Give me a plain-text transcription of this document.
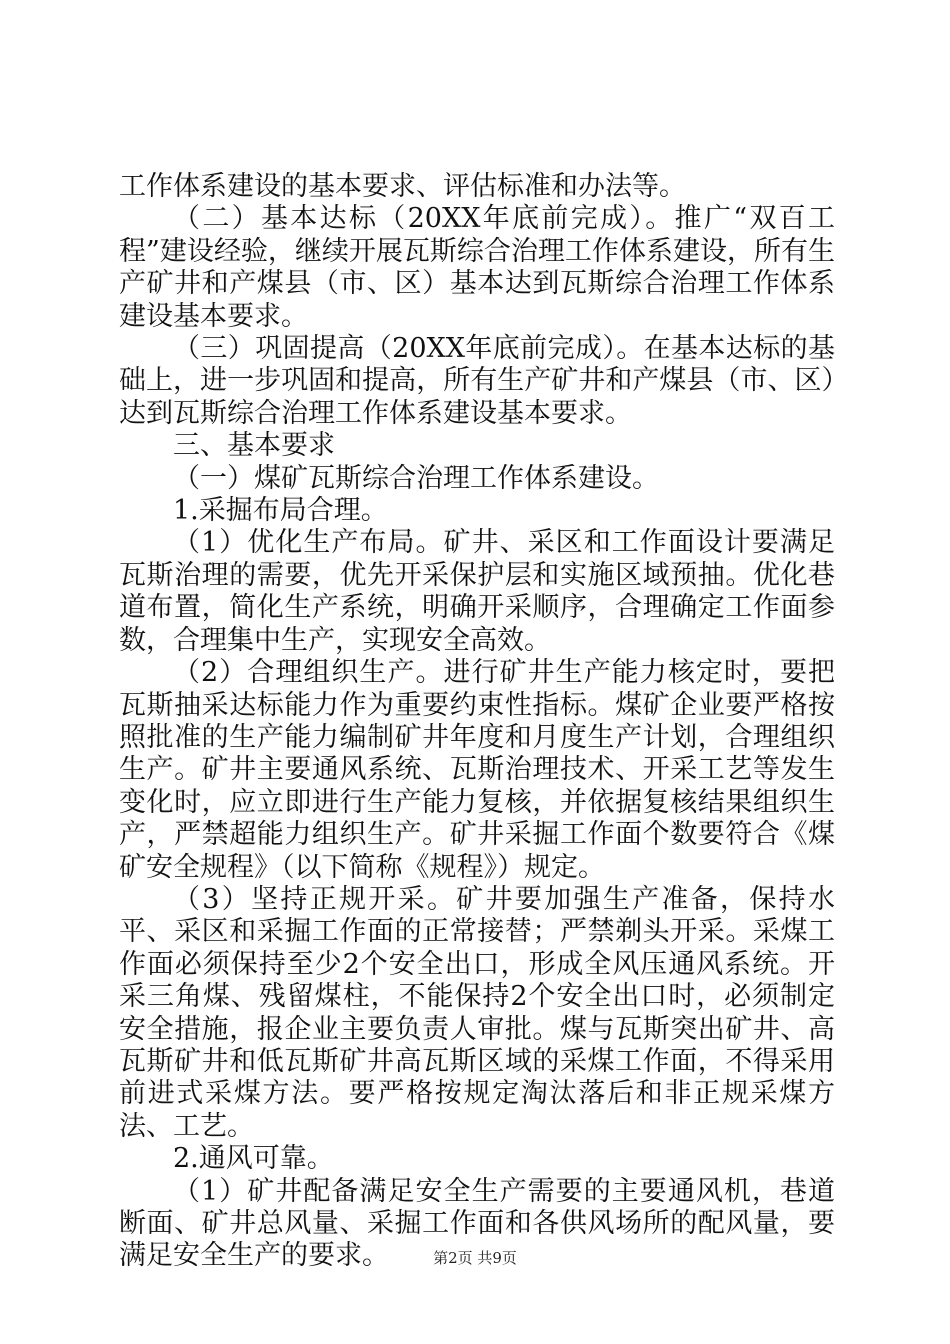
工作体系建设的基本要求、评估标准和办法等。

（二）基本达标（20XX年底前完成）。推广“双百工程”建设经验，继续开展瓦斯综合治理工作体系建设，所有生产矿井和产煤县（市、区）基本达到瓦斯综合治理工作体系建设基本要求。

（三）巩固提高（20XX年底前完成）。在基本达标的基础上，进一步巩固和提高，所有生产矿井和产煤县（市、区）达到瓦斯综合治理工作体系建设基本要求。

三、基本要求

（一）煤矿瓦斯综合治理工作体系建设。

1.采掘布局合理。

（1）优化生产布局。矿井、采区和工作面设计要满足瓦斯治理的需要，优先开采保护层和实施区域预抽。优化巷道布置，简化生产系统，明确开采顺序，合理确定工作面参数，合理集中生产，实现安全高效。

（2）合理组织生产。进行矿井生产能力核定时，要把瓦斯抽采达标能力作为重要约束性指标。煤矿企业要严格按照批准的生产能力编制矿井年度和月度生产计划，合理组织生产。矿井主要通风系统、瓦斯治理技术、开采工艺等发生变化时，应立即进行生产能力复核，并依据复核结果组织生产，严禁超能力组织生产。矿井采掘工作面个数要符合《煤矿安全规程》（以下简称《规程》）规定。

（3）坚持正规开采。矿井要加强生产准备，保持水平、采区和采掘工作面的正常接替；严禁剃头开采。采煤工作面必须保持至少2个安全出口，形成全风压通风系统。开采三角煤、残留煤柱，不能保持2个安全出口时，必须制定安全措施，报企业主要负责人审批。煤与瓦斯突出矿井、高瓦斯矿井和低瓦斯矿井高瓦斯区域的采煤工作面，不得采用前进式采煤方法。要严格按规定淘汰落后和非正规采煤方法、工艺。

2.通风可靠。

（1）矿井配备满足安全生产需要的主要通风机，巷道断面、矿井总风量、采掘工作面和各供风场所的配风量，要满足安全生产的要求。	第2页 共9页
